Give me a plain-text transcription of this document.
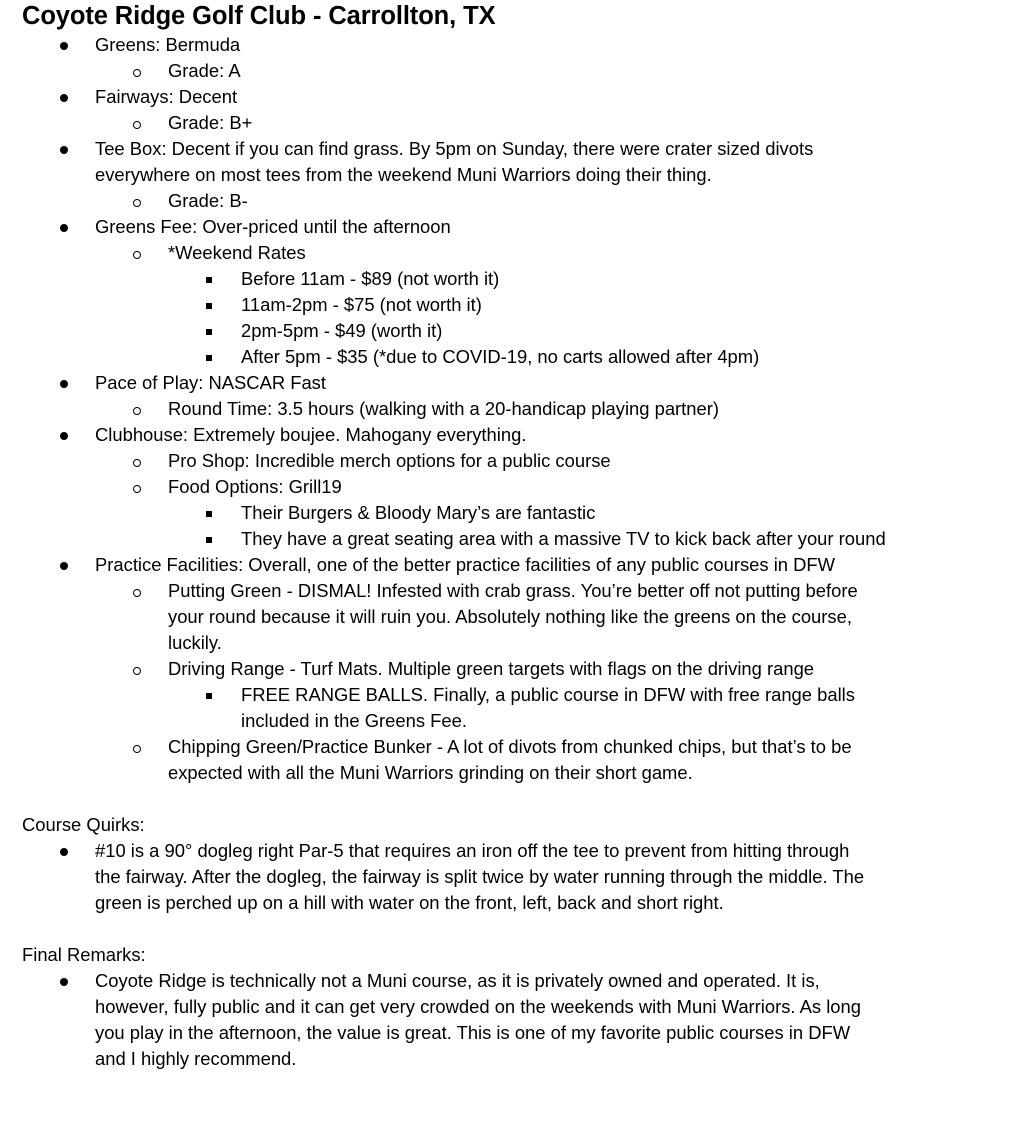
Coyote Ridge Golf Club - Carrollton, TX
Greens: Bermuda
Grade: A
Fairways: Decent
Grade: B+
Tee Box: Decent if you can find grass. By 5pm on Sunday, there were crater sized divots
everywhere on most tees from the weekend Muni Warriors doing their thing.
Grade: B-
Greens Fee: Over-priced until the afternoon
*Weekend Rates
Before 11am - $89 (not worth it)
11am-2pm - $75 (not worth it)
2pm-5pm - $49 (worth it)
After 5pm - $35 (*due to COVID-19, no carts allowed after 4pm)
Pace of Play: NASCAR Fast
Round Time: 3.5 hours (walking with a 20-handicap playing partner)
Clubhouse: Extremely boujee. Mahogany everything.
Pro Shop: Incredible merch options for a public course
Food Options: Grill19
Their Burgers & Bloody Mary’s are fantastic
They have a great seating area with a massive TV to kick back after your round
Practice Facilities: Overall, one of the better practice facilities of any public courses in DFW
Putting Green - DISMAL! Infested with crab grass. You’re better off not putting before
your round because it will ruin you. Absolutely nothing like the greens on the course,
luckily.
Driving Range - Turf Mats. Multiple green targets with flags on the driving range
FREE RANGE BALLS. Finally, a public course in DFW with free range balls
included in the Greens Fee.
Chipping Green/Practice Bunker - A lot of divots from chunked chips, but that’s to be
expected with all the Muni Warriors grinding on their short game.
Course Quirks:
#10 is a 90° dogleg right Par-5 that requires an iron off the tee to prevent from hitting through
the fairway. After the dogleg, the fairway is split twice by water running through the middle. The
green is perched up on a hill with water on the front, left, back and short right.
Final Remarks:
Coyote Ridge is technically not a Muni course, as it is privately owned and operated. It is,
however, fully public and it can get very crowded on the weekends with Muni Warriors. As long
you play in the afternoon, the value is great. This is one of my favorite public courses in DFW
and I highly recommend.
